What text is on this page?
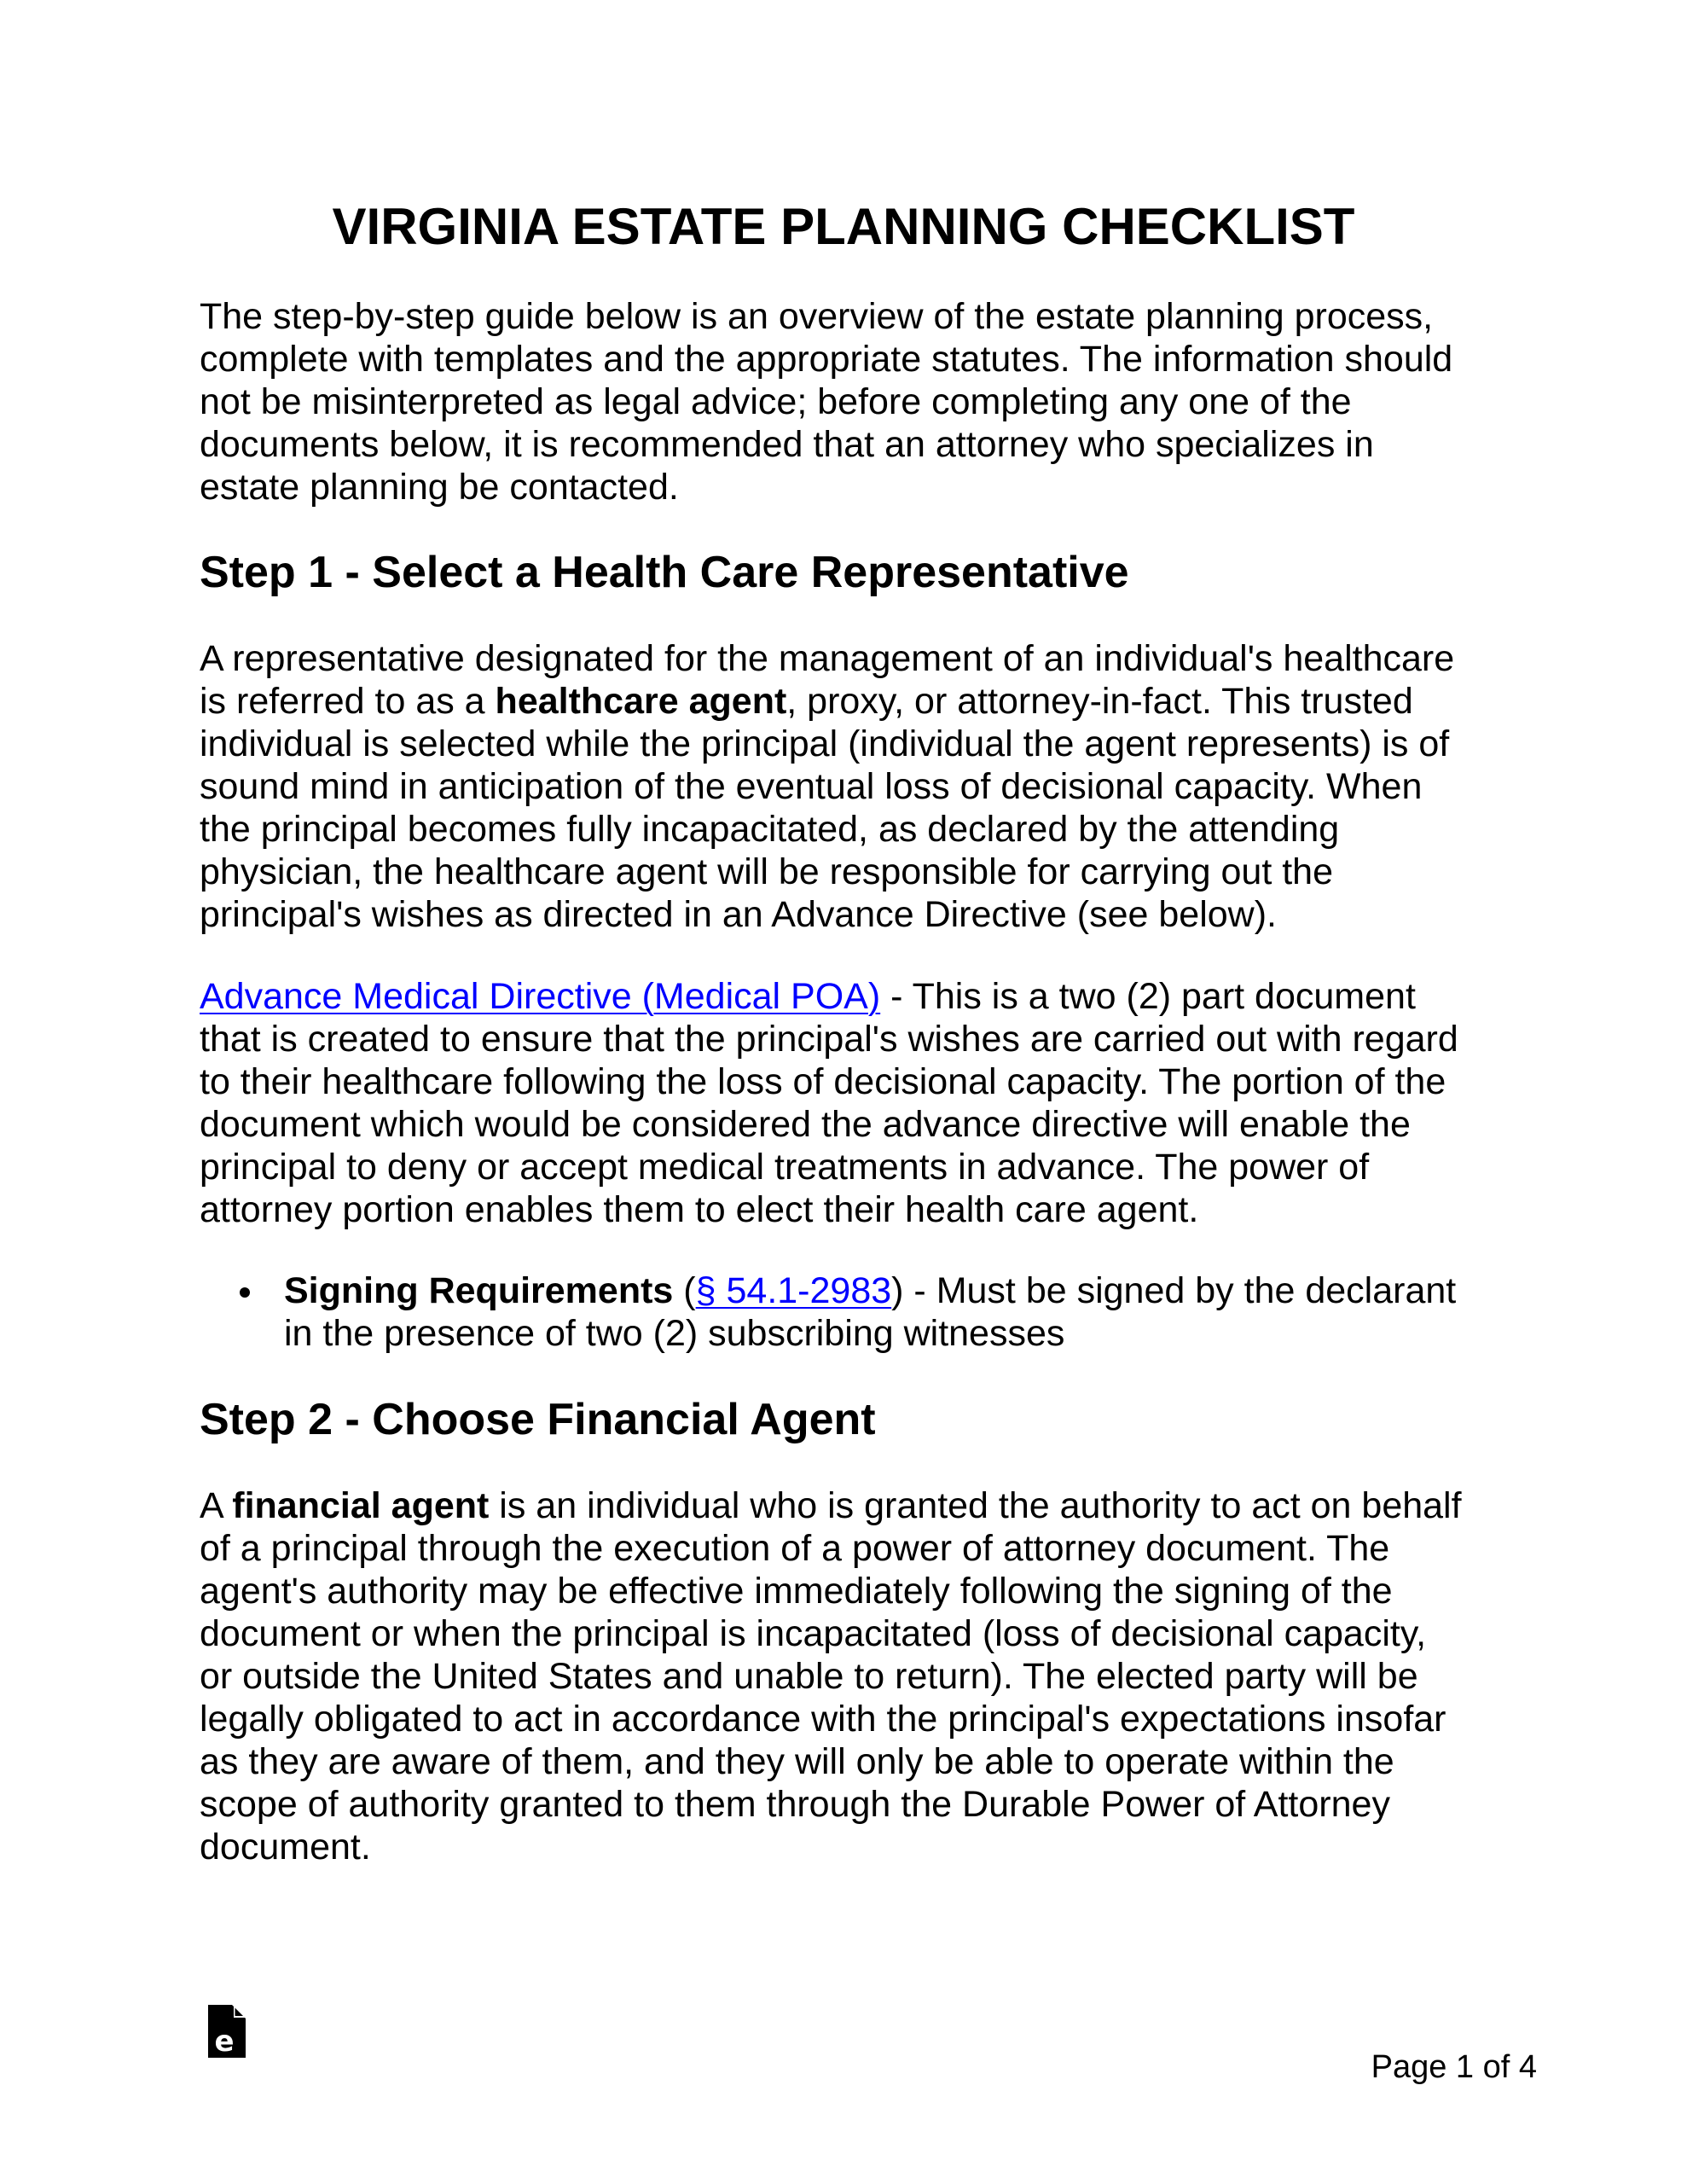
VIRGINIA ESTATE PLANNING CHECKLIST
The step-by-step guide below is an overview of the estate planning process,
complete with templates and the appropriate statutes. The information should
not be misinterpreted as legal advice; before completing any one of the
documents below, it is recommended that an attorney who specializes in
estate planning be contacted.
Step 1 - Select a Health Care Representative
A representative designated for the management of an individual's healthcare
is referred to as a healthcare agent, proxy, or attorney-in-fact. This trusted
individual is selected while the principal (individual the agent represents) is of
sound mind in anticipation of the eventual loss of decisional capacity. When
the principal becomes fully incapacitated, as declared by the attending
physician, the healthcare agent will be responsible for carrying out the
principal's wishes as directed in an Advance Directive (see below).
Advance Medical Directive (Medical POA) - This is a two (2) part document
that is created to ensure that the principal's wishes are carried out with regard
to their healthcare following the loss of decisional capacity. The portion of the
document which would be considered the advance directive will enable the
principal to deny or accept medical treatments in advance. The power of
attorney portion enables them to elect their health care agent.
Signing Requirements (§ 54.1-2983) - Must be signed by the declarant
in the presence of two (2) subscribing witnesses
Step 2 - Choose Financial Agent
A financial agent is an individual who is granted the authority to act on behalf
of a principal through the execution of a power of attorney document. The
agent's authority may be effective immediately following the signing of the
document or when the principal is incapacitated (loss of decisional capacity,
or outside the United States and unable to return). The elected party will be
legally obligated to act in accordance with the principal's expectations insofar
as they are aware of them, and they will only be able to operate within the
scope of authority granted to them through the Durable Power of Attorney
document.
e
Page 1 of 4
